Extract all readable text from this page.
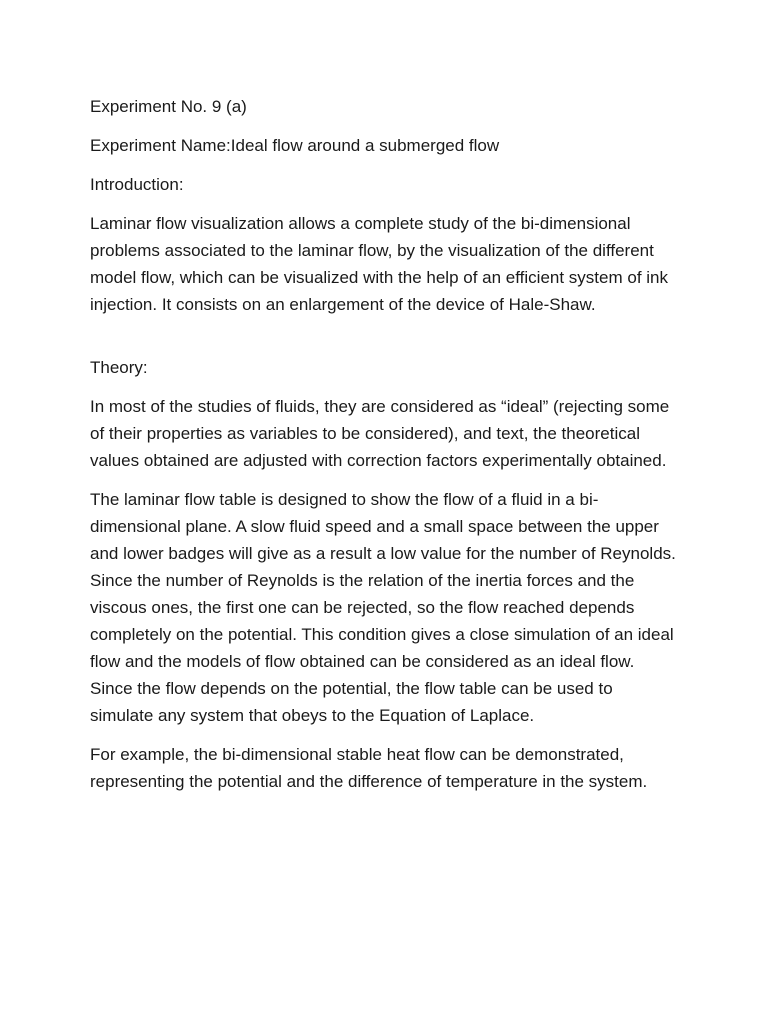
Experiment No. 9 (a)

Experiment Name:Ideal flow around a submerged flow

Introduction:

Laminar flow visualization allows a complete study of the bi-dimensional problems associated to the laminar flow, by the visualization of the different model flow, which can be visualized with the help of an efficient system of ink injection. It consists on an enlargement of the device of Hale-Shaw.

Theory:

In most of the studies of fluids, they are considered as “ideal” (rejecting some of their properties as variables to be considered), and text, the theoretical values obtained are adjusted with correction factors experimentally obtained.

The laminar flow table is designed to show the flow of a fluid in a bi-dimensional plane. A slow fluid speed and a small space between the upper and lower badges will give as a result a low value for the number of Reynolds. Since the number of Reynolds is the relation of the inertia forces and the viscous ones, the first one can be rejected, so the flow reached depends completely on the potential. This condition gives a close simulation of an ideal flow and the models of flow obtained can be considered as an ideal flow. Since the flow depends on the potential, the flow table can be used to simulate any system that obeys to the Equation of Laplace.

For example, the bi-dimensional stable heat flow can be demonstrated, representing the potential and the difference of temperature in the system.
